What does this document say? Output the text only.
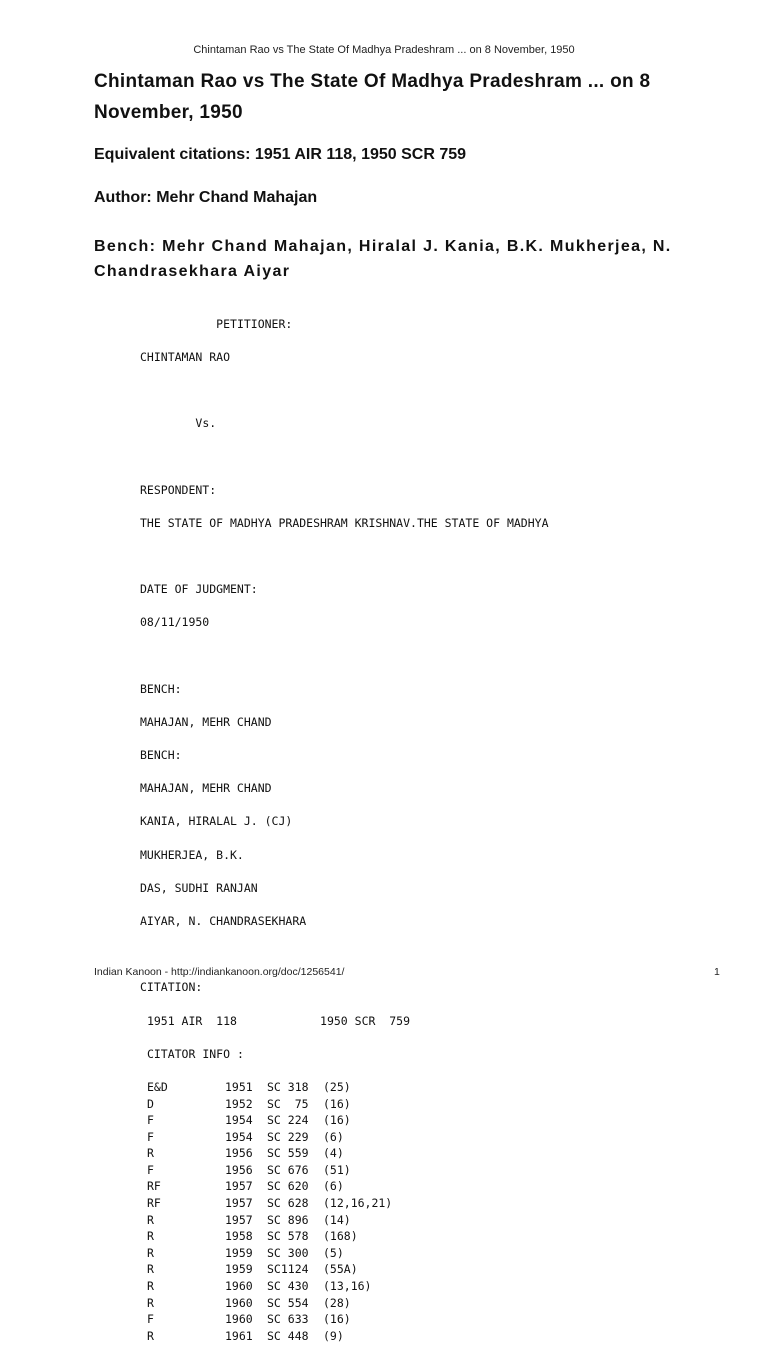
Chintaman Rao vs The State Of Madhya Pradeshram ... on 8 November, 1950
Chintaman Rao vs The State Of Madhya Pradeshram ... on 8 November, 1950

Equivalent citations: 1951 AIR 118, 1950 SCR 759

Author: Mehr Chand Mahajan

Bench: Mehr Chand Mahajan, Hiralal J. Kania, B.K. Mukherjea, N. Chandrasekhara Aiyar

PETITIONER:

CHINTAMAN RAO

Vs.

RESPONDENT:

THE STATE OF MADHYA PRADESHRAM KRISHNAV.THE STATE OF MADHYA

DATE OF JUDGMENT:

08/11/1950

BENCH:

MAHAJAN, MEHR CHAND

BENCH:

MAHAJAN, MEHR CHAND

KANIA, HIRALAL J. (CJ)

MUKHERJEA, B.K.

DAS, SUDHI RANJAN

AIYAR, N. CHANDRASEKHARA

CITATION:

1951 AIR  118            1950 SCR  759

CITATOR INFO :

E&D	1951 SC 318 (25)
D	1952 SC  75 (16)
F	1954 SC 224 (16)
F	1954 SC 229 (6)
R	1956 SC 559 (4)
F	1956 SC 676 (51)
RF	1957 SC 620 (6)
RF	1957 SC 628 (12,16,21)
R	1957 SC 896 (14)
R	1958 SC 578 (168)
R	1959 SC 300 (5)
R	1959 SC1124 (55A)
R	1960 SC 430 (13,16)
R	1960 SC 554 (28)
F	1960 SC 633 (16)
R	1961 SC 448 (9)

Indian Kanoon - http://indiankanoon.org/doc/1256541/	1
